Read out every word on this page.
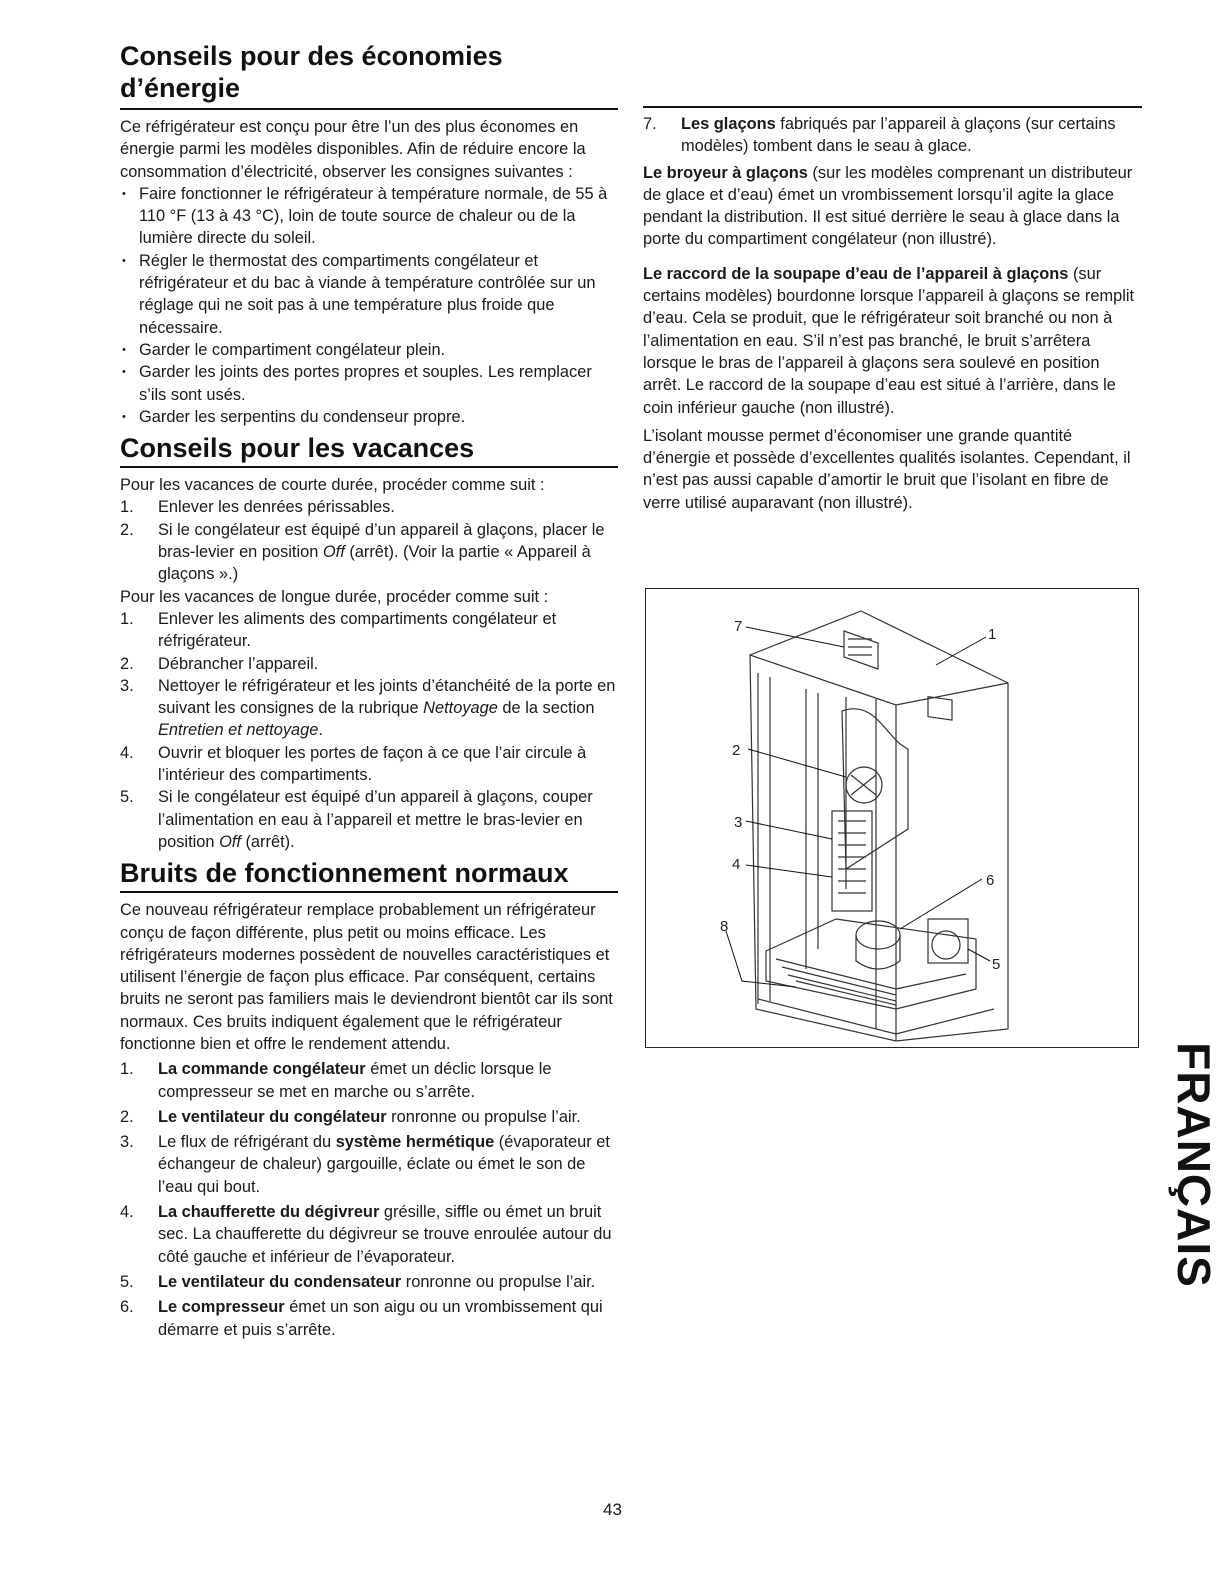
Conseils pour des économies d’énergie

Ce réfrigérateur est conçu pour être l’un des plus économes en énergie parmi les modèles disponibles. Afin de réduire encore la consommation d’électricité, observer les consignes suivantes :

• Faire fonctionner le réfrigérateur à température normale, de 55 à 110 °F (13 à 43 °C), loin de toute source de chaleur ou de la lumière directe du soleil.
• Régler le thermostat des compartiments congélateur et réfrigérateur et du bac à viande à température contrôlée sur un réglage qui ne soit pas à une température plus froide que nécessaire.
• Garder le compartiment congélateur plein.
• Garder les joints des portes propres et souples. Les remplacer s’ils sont usés.
• Garder les serpentins du condenseur propre.
Conseils pour les vacances

Pour les vacances de courte durée, procéder comme suit :

1. Enlever les denrées périssables.
2. Si le congélateur est équipé d’un appareil à glaçons, placer le bras-levier en position Off (arrêt). (Voir la partie « Appareil à glaçons ».)

Pour les vacances de longue durée, procéder comme suit :

1. Enlever les aliments des compartiments congélateur et réfrigérateur.
2. Débrancher l’appareil.
3. Nettoyer le réfrigérateur et les joints d’étanchéité de la porte en suivant les consignes de la rubrique Nettoyage de la section Entretien et nettoyage.
4. Ouvrir et bloquer les portes de façon à ce que l’air circule à l’intérieur des compartiments.
5. Si le congélateur est équipé d’un appareil à glaçons, couper l’alimentation en eau à l’appareil et mettre le bras-levier en position Off (arrêt).
Bruits de fonctionnement normaux

Ce nouveau réfrigérateur remplace probablement un réfrigérateur conçu de façon différente, plus petit ou moins efficace. Les réfrigérateurs modernes possèdent de nouvelles caractéristiques et utilisent l’énergie de façon plus efficace. Par conséquent, certains bruits ne seront pas familiers mais le deviendront bientôt car ils sont normaux. Ces bruits indiquent également que le réfrigérateur fonctionne bien et offre le rendement attendu.

1. La commande congélateur émet un déclic lorsque le compresseur se met en marche ou s’arrête.
2. Le ventilateur du congélateur ronronne ou propulse l’air.
3. Le flux de réfrigérant du système hermétique (évaporateur et échangeur de chaleur) gargouille, éclate ou émet le son de l’eau qui bout.
4. La chaufferette du dégivreur grésille, siffle ou émet un bruit sec. La chaufferette du dégivreur se trouve enroulée autour du côté gauche et inférieur de l’évaporateur.
5. Le ventilateur du condensateur ronronne ou propulse l’air.
6. Le compresseur émet un son aigu ou un vrombissement qui démarre et puis s’arrête.
7. Les glaçons fabriqués par l’appareil à glaçons (sur certains modèles) tombent dans le seau à glace.

Le broyeur à glaçons (sur les modèles comprenant un distributeur de glace et d’eau) émet un vrombissement lorsqu’il agite la glace pendant la distribution. Il est situé derrière le seau à glace dans la porte du compartiment congélateur (non illustré).

Le raccord de la soupape d’eau de l’appareil à glaçons (sur certains modèles) bourdonne lorsque l’appareil à glaçons se remplit d’eau. Cela se produit, que le réfrigérateur soit branché ou non à l’alimentation en eau. S’il n’est pas branché, le bruit s’arrêtera lorsque le bras de l’appareil à glaçons sera soulevé en position arrêt. Le raccord de la soupape d’eau est situé à l’arrière, dans le coin inférieur gauche (non illustré).

L’isolant mousse permet d’économiser une grande quantité d’énergie et possède d’excellentes qualités isolantes. Cependant, il n’est pas aussi capable d’amortir le bruit que l’isolant en fibre de verre utilisé auparavant (non illustré).

7	1
2
3
4
6
5
8
FRANÇAIS
43
